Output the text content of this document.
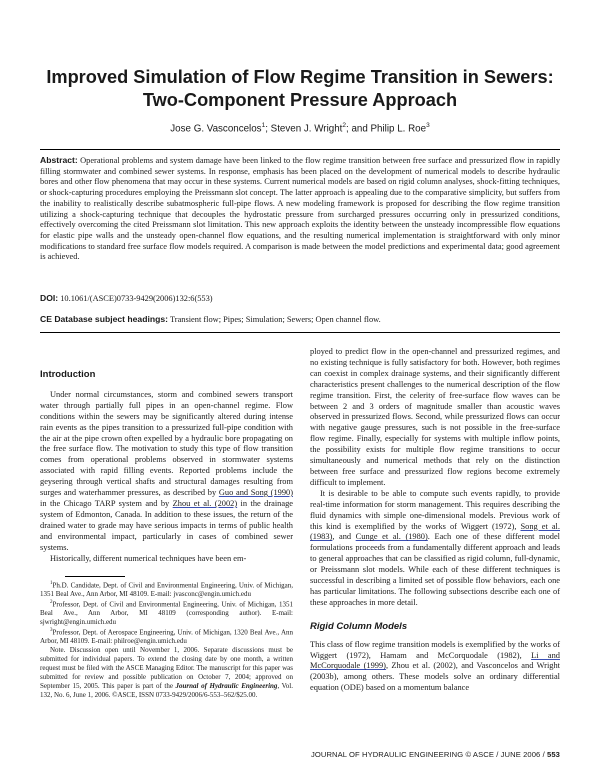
Improved Simulation of Flow Regime Transition in Sewers: Two-Component Pressure Approach
Jose G. Vasconcelos$^1$; Steven J. Wright$^2$; and Philip L. Roe$^3$
Abstract: Operational problems and system damage have been linked to the flow regime transition between free surface and pressurized flow in rapidly filling stormwater and combined sewer systems. In response, emphasis has been placed on the development of numerical models to describe hydraulic bores and other flow phenomena that may occur in these systems. Current numerical models are based on rigid column analyses, shock-fitting techniques, or shock-capturing procedures employing the Preissmann slot concept. The latter approach is appealing due to the comparative simplicity, but suffers from the inability to realistically describe subatmospheric full-pipe flows. A new modeling framework is proposed for describing the flow regime transition utilizing a shock-capturing technique that decouples the hydrostatic pressure from surcharged pressures occurring only in pressurized conditions, effectively overcoming the cited Preissmann slot limitation. This new approach exploits the identity between the unsteady incompressible flow equations for elastic pipe walls and the unsteady open-channel flow equations, and the resulting numerical implementation is straightforward with only minor modifications to standard free surface flow models required. A comparison is made between the model predictions and experimental data; good agreement is achieved.
DOI: 10.1061/(ASCE)0733-9429(2006)132:6(553)
CE Database subject headings: Transient flow; Pipes; Simulation; Sewers; Open channel flow.
Introduction

Under normal circumstances, storm and combined sewers transport water through partially full pipes in an open-channel regime. Flow conditions within the sewers may be significantly altered during intense rain events as the pipes transition to a pressurized full-pipe condition with the air at the pipe crown often expelled by a hydraulic bore propagating on the free surface flow. The motivation to study this type of flow transition comes from operational problems observed in stormwater systems associated with rapid filling events. Reported problems include the geysering through vertical shafts and structural damages resulting from surges and waterhammer pressures, as described by Guo and Song (1990) in the Chicago TARP system and by Zhou et al. (2002) in the drainage system of Edmonton, Canada. In addition to these issues, the return of the drained water to grade may have serious impacts in terms of public health and environmental impact, particularly in cases of combined sewer systems.

Historically, different numerical techniques have been em-

$^1$Ph.D. Candidate, Dept. of Civil and Environmental Engineering, Univ. of Michigan, 1351 Beal Ave., Ann Arbor, MI 48109. E-mail: jvasconc@engin.umich.edu

$^2$Professor, Dept. of Civil and Environmental Engineering, Univ. of Michigan, 1351 Beal Ave., Ann Arbor, MI 48109 (corresponding author). E-mail: sjwright@engin.umich.edu

$^3$Professor, Dept. of Aerospace Engineering, Univ. of Michigan, 1320 Beal Ave., Ann Arbor, MI 48109. E-mail: philroe@engin.umich.edu

Note. Discussion open until November 1, 2006. Separate discussions must be submitted for individual papers. To extend the closing date by one month, a written request must be filed with the ASCE Managing Editor. The manuscript for this paper was submitted for review and possible publication on October 7, 2004; approved on September 15, 2005. This paper is part of the Journal of Hydraulic Engineering, Vol. 132, No. 6, June 1, 2006. ©ASCE, ISSN 0733-9429/2006/6-553–562/$25.00.

ployed to predict flow in the open-channel and pressurized regimes, and no existing technique is fully satisfactory for both. However, both regimes can coexist in complex drainage systems, and their significantly different characteristics present challenges to the numerical description of the flow regime transition. First, the celerity of free-surface flow waves can be between 2 and 3 orders of magnitude smaller than acoustic waves observed in pressurized flows. Second, while pressurized flows can occur with negative gauge pressures, such is not possible in the free-surface flow regime. Finally, especially for systems with multiple inflow points, the possibility exists for multiple flow regime transitions to occur simultaneously and numerical methods that rely on the distinction between free surface and pressurized flow regions become extremely difficult to implement.

It is desirable to be able to compute such events rapidly, to provide real-time information for storm management. This requires describing the fluid dynamics with simple one-dimensional models. Previous work of this kind is exemplified by the works of Wiggert (1972), Song et al. (1983), and Cunge et al. (1980). Each one of these different model formulations proceeds from a fundamentally different approach and leads to general approaches that can be classified as rigid column, full-dynamic, or Preissmann slot models. While each of these different techniques is successful in describing a limited set of possible flow behaviors, each one has particular limitations. The following subsections describe each one of these approaches in more detail.

Rigid Column Models

This class of flow regime transition models is exemplified by the works of Wiggert (1972), Hamam and McCorquodale (1982), Li and McCorquodale (1999), Zhou et al. (2002), and Vasconcelos and Wright (2003b), among others. These models solve an ordinary differential equation (ODE) based on a momentum balance

JOURNAL OF HYDRAULIC ENGINEERING © ASCE / JUNE 2006 / 553
